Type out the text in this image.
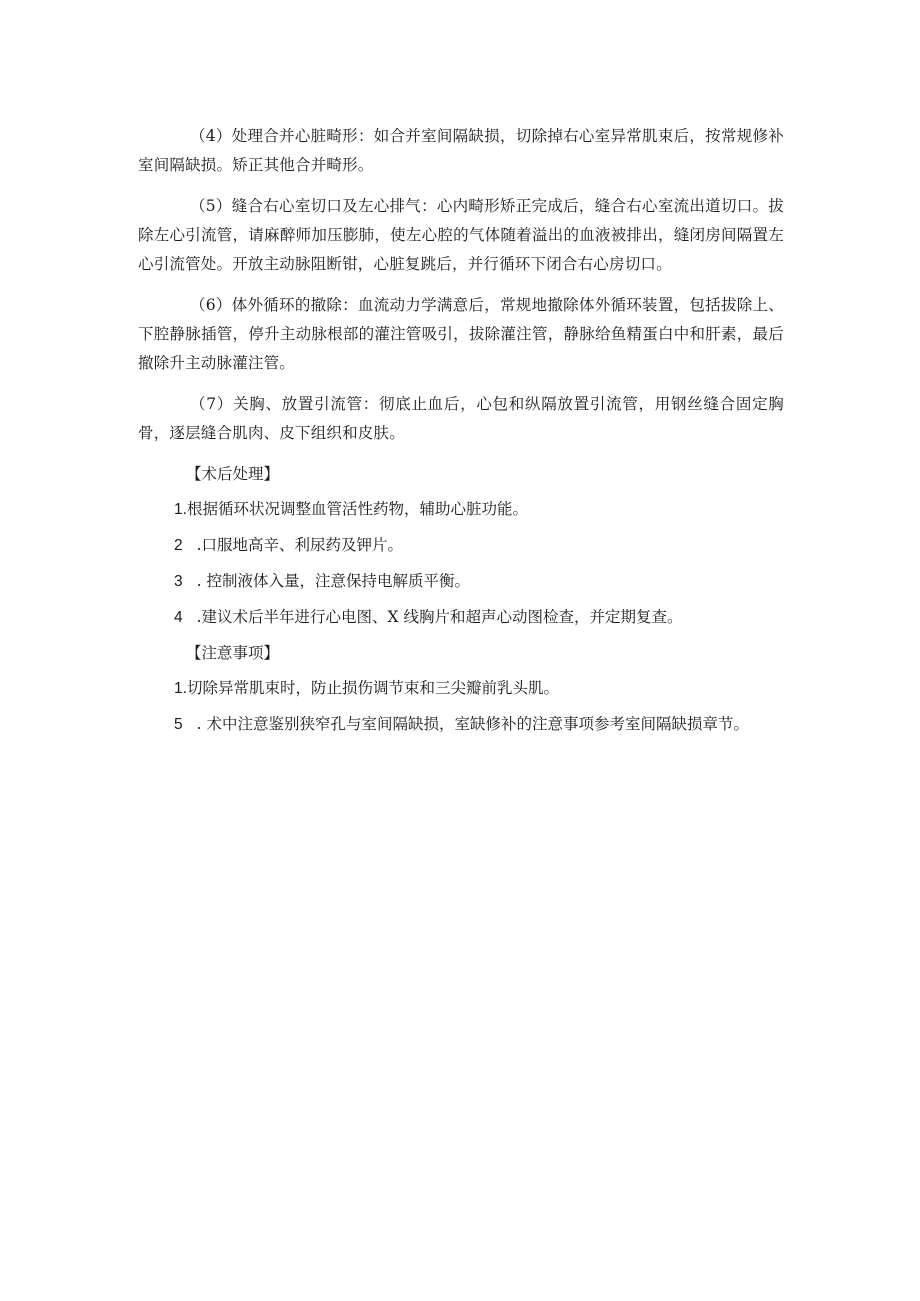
（4）处理合并心脏畸形：如合并室间隔缺损，切除掉右心室异常肌束后，按常规修补室间隔缺损。矫正其他合并畸形。

（5）缝合右心室切口及左心排气：心内畸形矫正完成后，缝合右心室流出道切口。拔除左心引流管，请麻醉师加压膨肺，使左心腔的气体随着溢出的血液被排出，缝闭房间隔置左心引流管处。开放主动脉阻断钳，心脏复跳后，并行循环下闭合右心房切口。

（6）体外循环的撤除：血流动力学满意后，常规地撤除体外循环装置，包括拔除上、下腔静脉插管，停升主动脉根部的灌注管吸引，拔除灌注管，静脉给鱼精蛋白中和肝素，最后撤除升主动脉灌注管。

（7）关胸、放置引流管：彻底止血后，心包和纵隔放置引流管，用钢丝缝合固定胸骨，逐层缝合肌肉、皮下组织和皮肤。

【术后处理】
1.根据循环状况调整血管活性药物，辅助心脏功能。
2 .口服地高辛、利尿药及钾片。
3 . 控制液体入量，注意保持电解质平衡。
4 .建议术后半年进行心电图、X 线胸片和超声心动图检查，并定期复查。
【注意事项】
1.切除异常肌束时，防止损伤调节束和三尖瓣前乳头肌。
5 . 术中注意鉴别狭窄孔与室间隔缺损，室缺修补的注意事项参考室间隔缺损章节。
